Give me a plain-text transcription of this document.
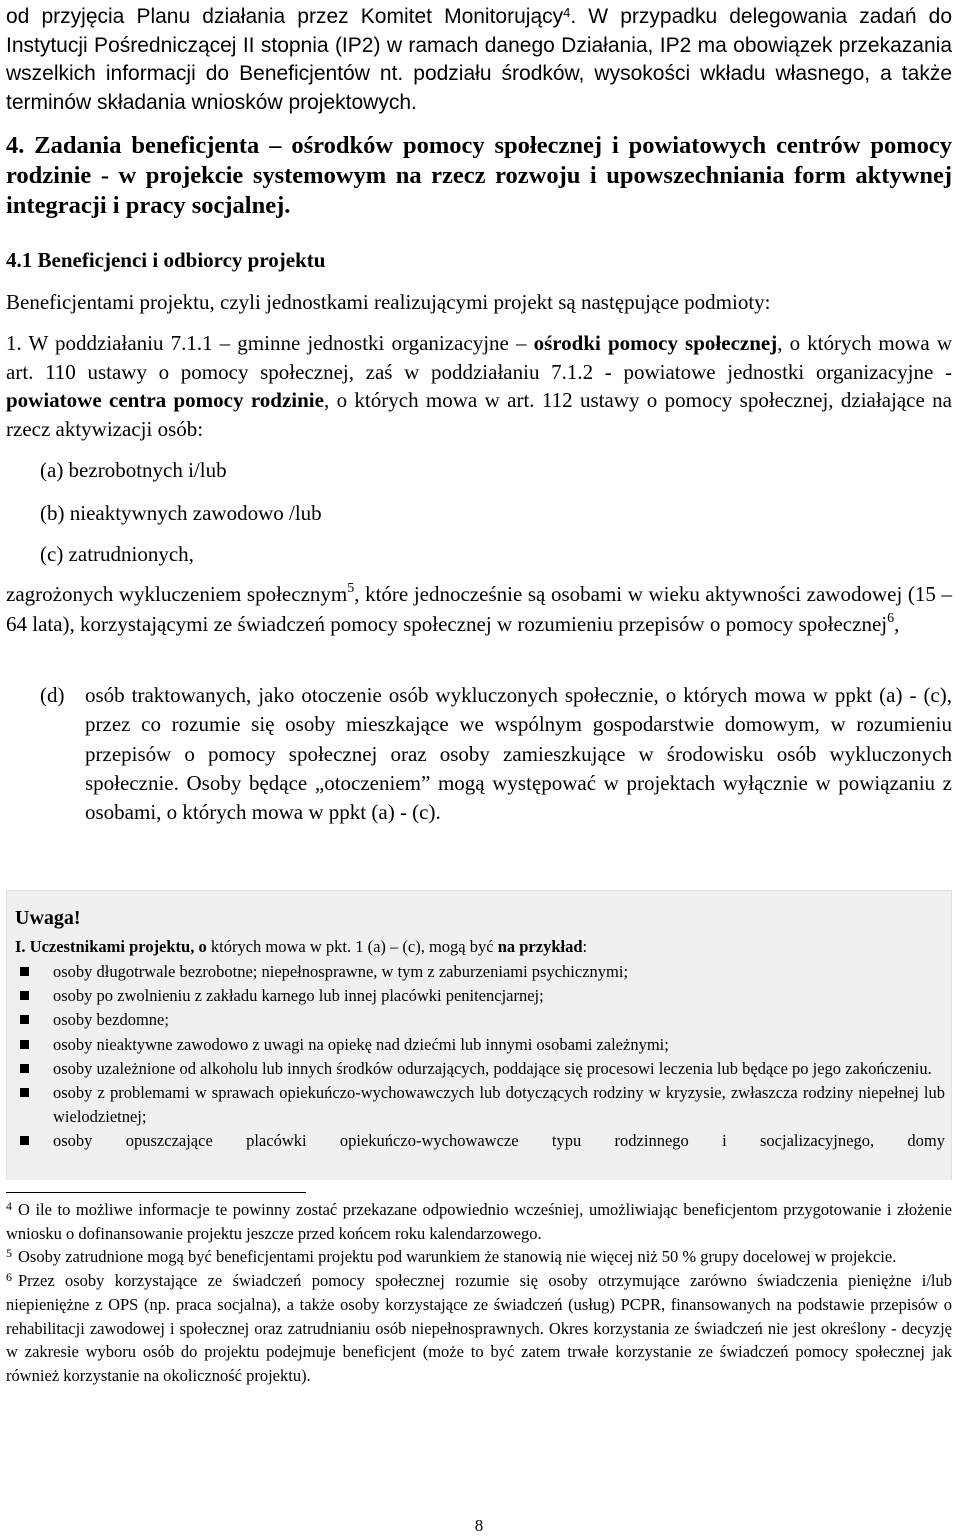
od przyjęcia Planu działania przez Komitet Monitorujący$^4$. W przypadku delegowania zadań do Instytucji Pośredniczącej II stopnia (IP2) w ramach danego Działania, IP2 ma obowiązek przekazania wszelkich informacji do Beneficjentów nt. podziału środków, wysokości wkładu własnego, a także terminów składania wniosków projektowych.
4. Zadania beneficjenta – ośrodków pomocy społecznej i powiatowych centrów pomocy rodzinie - w projekcie systemowym na rzecz rozwoju i upowszechniania form aktywnej integracji i pracy socjalnej.
4.1 Beneficjenci i odbiorcy projektu

Beneficjentami projektu, czyli jednostkami realizującymi projekt są następujące podmioty:

1. W poddziałaniu 7.1.1 – gminne jednostki organizacyjne – ośrodki pomocy społecznej, o których mowa w art. 110 ustawy o pomocy społecznej, zaś w poddziałaniu 7.1.2 - powiatowe jednostki organizacyjne - powiatowe centra pomocy rodzinie, o których mowa w art. 112 ustawy o pomocy społecznej, działające na rzecz aktywizacji osób:

(a) bezrobotnych i/lub

(b) nieaktywnych zawodowo /lub

(c) zatrudnionych,

zagrożonych wykluczeniem społecznym$^5$, które jednocześnie są osobami w wieku aktywności zawodowej (15 – 64 lata), korzystającymi ze świadczeń pomocy społecznej w rozumieniu przepisów o pomocy społecznej$^6$,
(d) osób traktowanych, jako otoczenie osób wykluczonych społecznie, o których mowa w ppkt (a) - (c), przez co rozumie się osoby mieszkające we wspólnym gospodarstwie domowym, w rozumieniu przepisów o pomocy społecznej oraz osoby zamieszkujące w środowisku osób wykluczonych społecznie. Osoby będące „otoczeniem” mogą występować w projektach wyłącznie w powiązaniu z osobami, o których mowa w ppkt (a) - (c).

Uwaga!

I. Uczestnikami projektu, o których mowa w pkt. 1 (a) – (c), mogą być na przykład:

osoby długotrwale bezrobotne; niepełnosprawne, w tym z zaburzeniami psychicznymi;
osoby po zwolnieniu z zakładu karnego lub innej placówki penitencjarnej;
osoby bezdomne;
osoby nieaktywne zawodowo z uwagi na opiekę nad dziećmi lub innymi osobami zależnymi;
osoby uzależnione od alkoholu lub innych środków odurzających, poddające się procesowi leczenia lub będące po jego zakończeniu.
osoby z problemami w sprawach opiekuńczo-wychowawczych lub dotyczących rodziny w kryzysie, zwłaszcza rodziny niepełnej lub wielodzietnej;
osoby opuszczające placówki opiekuńczo-wychowawcze typu rodzinnego i socjalizacyjnego, domy

$^4$ O ile to możliwe informacje te powinny zostać przekazane odpowiednio wcześniej, umożliwiając beneficjentom przygotowanie i złożenie wniosku o dofinansowanie projektu jeszcze przed końcem roku kalendarzowego.

$^5$ Osoby zatrudnione mogą być beneficjentami projektu pod warunkiem że stanowią nie więcej niż 50 % grupy docelowej w projekcie.

$^6$ Przez osoby korzystające ze świadczeń pomocy społecznej rozumie się osoby otrzymujące zarówno świadczenia pieniężne i/lub niepieniężne z OPS (np. praca socjalna), a także osoby korzystające ze świadczeń (usług) PCPR, finansowanych na podstawie przepisów o rehabilitacji zawodowej i społecznej oraz zatrudnianiu osób niepełnosprawnych. Okres korzystania ze świadczeń nie jest określony - decyzję w zakresie wyboru osób do projektu podejmuje beneficjent (może to być zatem trwałe korzystanie ze świadczeń pomocy społecznej jak również korzystanie na okoliczność projektu).

8
